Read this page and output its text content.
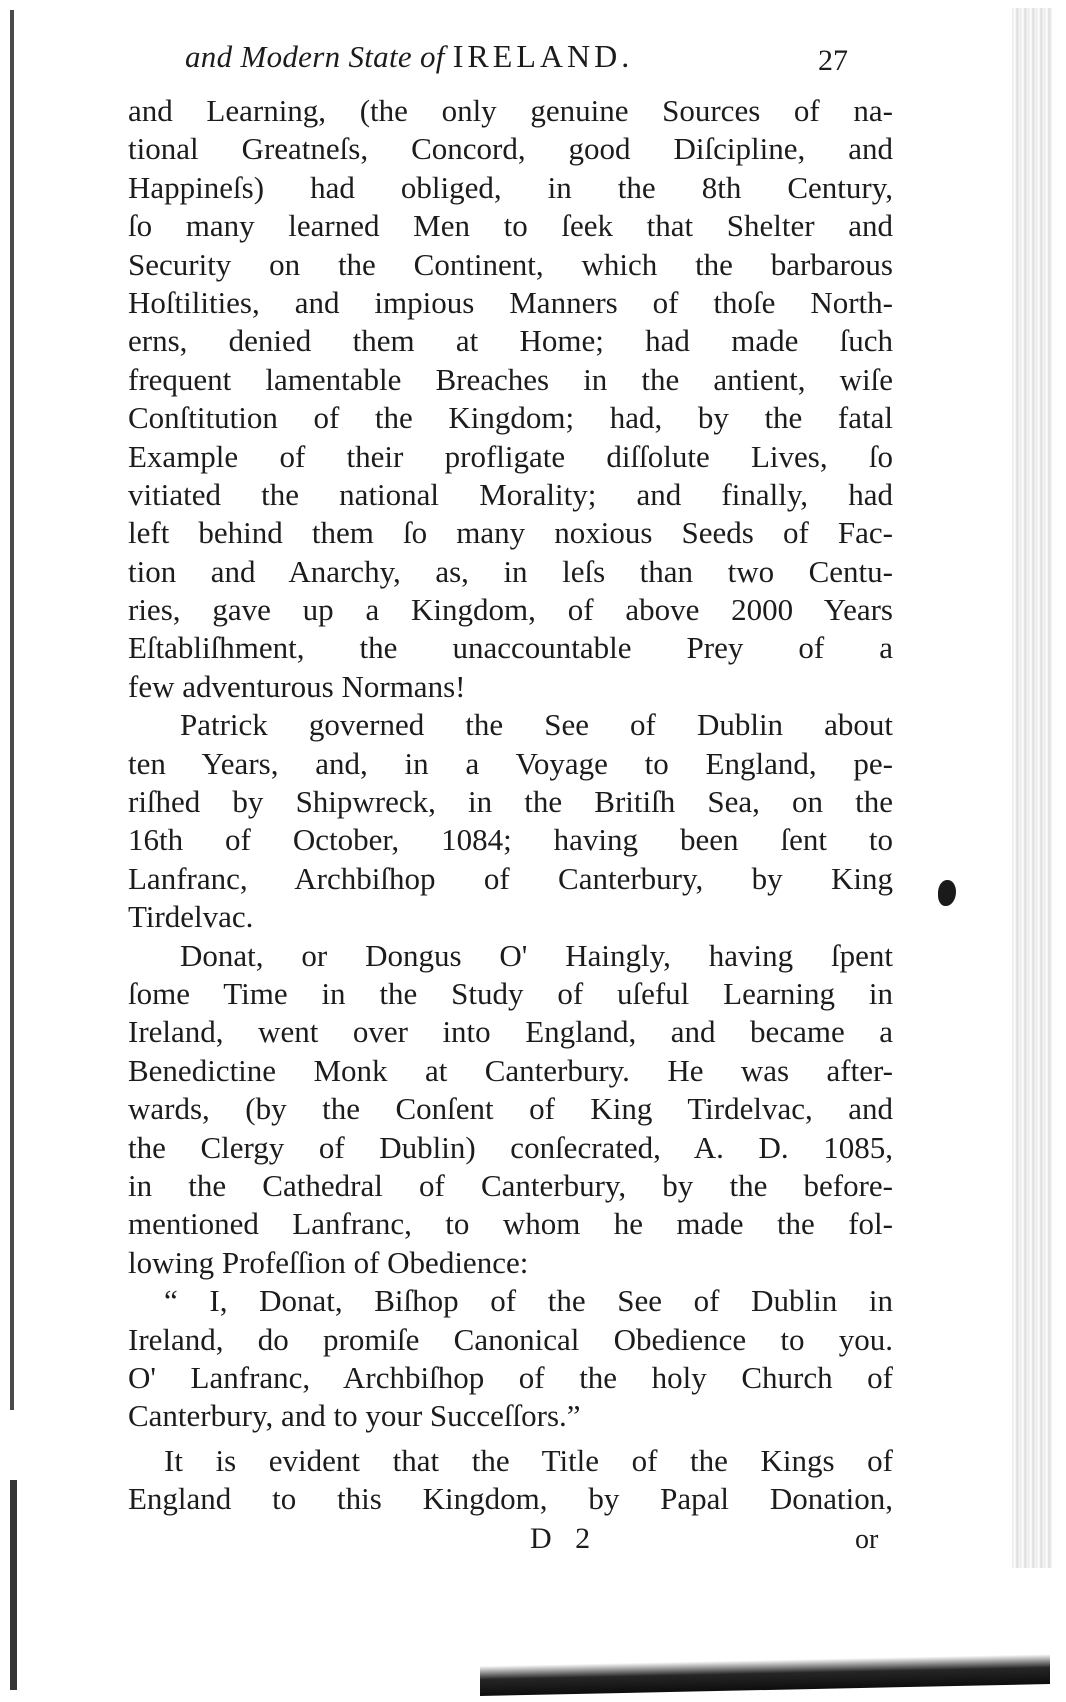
and Modern State of IRELAND.	27
and Learning, (the only genuine Sources of na-
tional Greatneſs, Concord, good Diſcipline, and
Happineſs) had obliged, in the 8th Century,
ſo many learned Men to ſeek that Shelter and
Security on the Continent, which the barbarous
Hoſtilities, and impious Manners of thoſe North-
erns, denied them at Home; had made ſuch
frequent lamentable Breaches in the antient, wiſe
Conſtitution of the Kingdom; had, by the fatal
Example of their profligate diſſolute Lives, ſo
vitiated the national Morality; and finally, had
left behind them ſo many noxious Seeds of Fac-
tion and Anarchy, as, in leſs than two Centu-
ries, gave up a Kingdom, of above 2000 Years
Eſtabliſhment, the unaccountable Prey of a
few adventurous Normans!
Patrick governed the See of Dublin about
ten Years, and, in a Voyage to England, pe-
riſhed by Shipwreck, in the Britiſh Sea, on the
16th of October, 1084; having been ſent to
Lanfranc, Archbiſhop of Canterbury, by King
Tirdelvac.
Donat, or Dongus O' Haingly, having ſpent
ſome Time in the Study of uſeful Learning in
Ireland, went over into England, and became a
Benedictine Monk at Canterbury. He was after-
wards, (by the Conſent of King Tirdelvac, and
the Clergy of Dublin) conſecrated, A. D. 1085,
in the Cathedral of Canterbury, by the before-
mentioned Lanfranc, to whom he made the fol-
lowing Profeſſion of Obedience:
“ I, Donat, Biſhop of the See of Dublin in
Ireland, do promiſe Canonical Obedience to you.
O' Lanfranc, Archbiſhop of the holy Church of
Canterbury, and to your Succeſſors.”
It is evident that the Title of the Kings of
England to this Kingdom, by Papal Donation,
D 2	or
